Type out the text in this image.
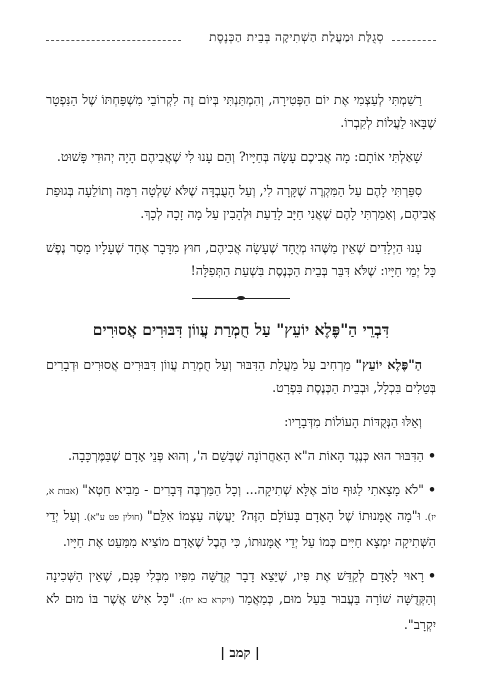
סְגֻלַּת וּמַעֲלַת הַשְׁתִיקָה בְּבֵית הַכְּנֶסֶת

רַשַׁמְתִּי לְעַצְמִי אֶת יוֹם הַפְּטִירָה, וְהִמְתַּנְתִּי בְּיוֹם זֶה לִקְרוֹבֵי מִשְׁפַּחְתּוֹ שֶׁל הַנִּפְטָר שֶׁבָּאוּ לַעֲלוֹת לְקִבְרוֹ.

שָׁאַלְתִּי אוֹתָם: מָה אֲבִיכֶם עָשָׂה בְּחַיָּיו? וְהֵם עָנוּ לִי שֶׁאֲבִיהֶם הָיָה יְהוּדִי פָּשׁוּט.

סִפַּרְתִּי לָהֶם עַל הַמִּקְרֶה שֶׁקָּרָה לִי, וְעַל הָעֻבְדָּה שֶׁלֹּא שָׁלְטָה רִמָּה וְתוֹלֵעָה בְּגוּפַת אֲבִיהֶם, וְאָמַרְתִּי לָהֶם שֶׁאֲנִי חַיָּב לָדַעַת וּלְהָבִין עַל מָה זָכָה לְכָךְ.

עָנוּ הַיְלָדִים שֶׁאֵין מַשֶּׁהוּ מְיֻחָד שֶׁעָשָׂה אֲבִיהֶם, חוּץ מִדָּבָר אֶחָד שֶׁעָלָיו מָסַר נֶפֶשׁ כָּל יְמֵי חַיָּיו: שֶׁלֹּא דִּבֵּר בְּבֵית הַכְּנֶסֶת בִּשְׁעַת הַתְּפִלָּה!

דִּבְרֵי הַ"פֶּלֶא יוֹעֵץ" עַל חֻמְרַת עֲווֹן דִּבּוּרִים אֲסוּרִים

הַ"פֶּלֶא יוֹעֵץ" מַרְחִיב עַל מַעֲלַת הַדִּבּוּר וְעַל חֻמְרַת עֲווֹן דִּבּוּרִים אֲסוּרִים וּדְבָרִים בְּטֵלִים בִּכְלָל, וּבְבֵית הַכְּנֶסֶת בִּפְרָט.

וְאֵלּוּ הַנְּקֻדּוֹת הָעוֹלוֹת מִדְּבָרָיו:

•הַדִּבּוּר הוּא כְּנֶגֶד הָאוֹת ה"א הָאַחֲרוֹנָה שֶׁבְּשֵׁם ה', וְהוּא פְּנֵי אָדָם שֶׁבַּמֶּרְכָּבָה.

•"לֹא מָצָאתִי לַגּוּף טוֹב אֶלָּא שְׁתִיקָה... וְכָל הַמַּרְבֶּה דְּבָרִים - מֵבִיא חֵטְא" (אבות א, יז). וּ"מָה אֻמָּנוּתוֹ שֶׁל הָאָדָם בָּעוֹלָם הַזֶּה? יַעֲשֶׂה עַצְמוֹ אִלֵּם" (חולין פט ע"א). וְעַל יְדֵי הַשְּׁתִיקָה יִמְצָא חַיִּים כְּמוֹ עַל יְדֵי אֻמָּנוּתוֹ, כִּי הֶבֶל שֶׁאָדָם מוֹצִיא מִמַּעֵט אֶת חַיָּיו.

•רָאוּי לָאָדָם לְקַדֵּשׁ אֶת פִּיו, שֶׁיֵּצֵא דָבָר קְדֻשָּׁה מִפִּיו מִבְּלִי פְּגָם, שֶׁאֵין הַשְּׁכִינָה וְהַקְּדֻשָּׁה שׁוֹרָה בַּעֲבוּר בַּעַל מוּם, כְּמַאֲמַר (ויקרא כא יח): "כָּל אִישׁ אֲשֶׁר בּוֹ מוּם לֹא יִקְרָב".

| קמב |
